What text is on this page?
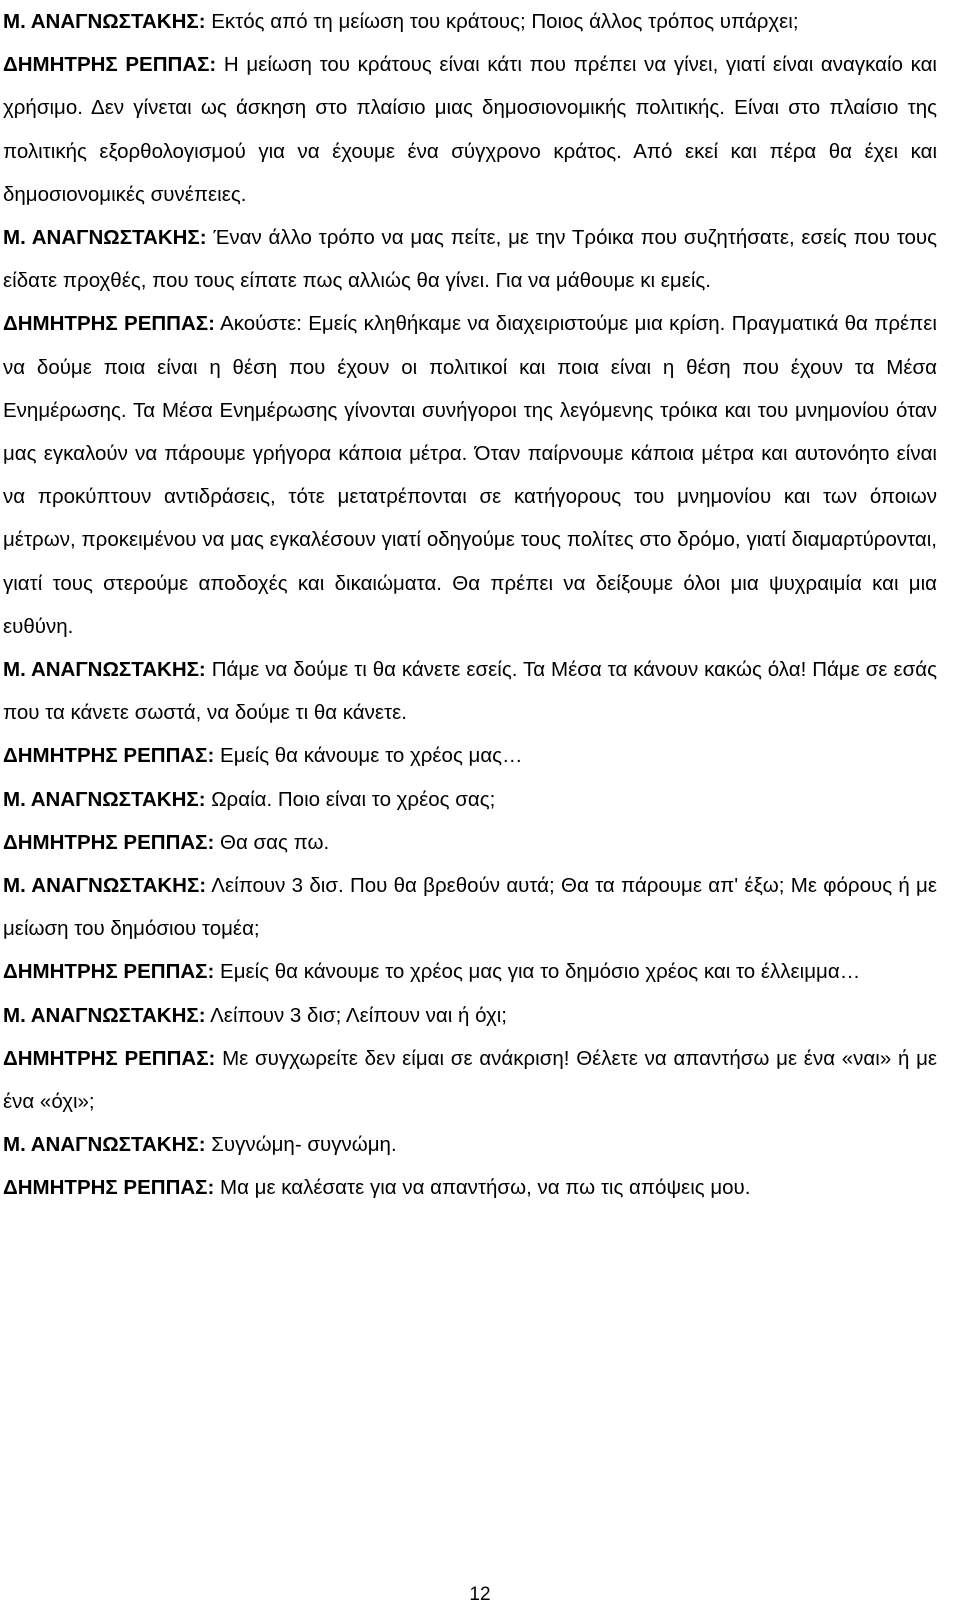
Μ. ΑΝΑΓΝΩΣΤΑΚΗΣ: Εκτός από τη μείωση του κράτους; Ποιος άλλος τρόπος υπάρχει;

ΔΗΜΗΤΡΗΣ ΡΕΠΠΑΣ: Η μείωση του κράτους είναι κάτι που πρέπει να γίνει, γιατί είναι αναγκαίο και χρήσιμο. Δεν γίνεται ως άσκηση στο πλαίσιο μιας δημοσιονομικής πολιτικής. Είναι στο πλαίσιο της πολιτικής εξορθολογισμού για να έχουμε ένα σύγχρονο κράτος. Από εκεί και πέρα θα έχει και δημοσιονομικές συνέπειες.

Μ. ΑΝΑΓΝΩΣΤΑΚΗΣ: Έναν άλλο τρόπο να μας πείτε, με την Τρόικα που συζητήσατε, εσείς που τους είδατε προχθές, που τους είπατε πως αλλιώς θα γίνει. Για να μάθουμε κι εμείς.

ΔΗΜΗΤΡΗΣ ΡΕΠΠΑΣ: Ακούστε: Εμείς κληθήκαμε να διαχειριστούμε μια κρίση. Πραγματικά θα πρέπει να δούμε ποια είναι η θέση που έχουν οι πολιτικοί και ποια είναι η θέση που έχουν τα Μέσα Ενημέρωσης. Τα Μέσα Ενημέρωσης γίνονται συνήγοροι της λεγόμενης τρόικα και του μνημονίου όταν μας εγκαλούν να πάρουμε γρήγορα κάποια μέτρα. Όταν παίρνουμε κάποια μέτρα και αυτονόητο είναι να προκύπτουν αντιδράσεις, τότε μετατρέπονται σε κατήγορους του μνημονίου και των όποιων μέτρων, προκειμένου να μας εγκαλέσουν γιατί οδηγούμε τους πολίτες στο δρόμο, γιατί διαμαρτύρονται, γιατί τους στερούμε αποδοχές και δικαιώματα. Θα πρέπει να δείξουμε όλοι μια ψυχραιμία και μια ευθύνη.

Μ. ΑΝΑΓΝΩΣΤΑΚΗΣ: Πάμε να δούμε τι θα κάνετε εσείς. Τα Μέσα τα κάνουν κακώς όλα! Πάμε σε εσάς που τα κάνετε σωστά, να δούμε τι θα κάνετε.

ΔΗΜΗΤΡΗΣ ΡΕΠΠΑΣ: Εμείς θα κάνουμε το χρέος μας…

Μ. ΑΝΑΓΝΩΣΤΑΚΗΣ: Ωραία. Ποιο είναι το χρέος σας;

ΔΗΜΗΤΡΗΣ ΡΕΠΠΑΣ: Θα σας πω.

Μ. ΑΝΑΓΝΩΣΤΑΚΗΣ: Λείπουν 3 δισ. Που θα βρεθούν αυτά; Θα τα πάρουμε απ' έξω; Με φόρους ή με μείωση του δημόσιου τομέα;

ΔΗΜΗΤΡΗΣ ΡΕΠΠΑΣ: Εμείς θα κάνουμε το χρέος μας για το δημόσιο χρέος και το έλλειμμα…

Μ. ΑΝΑΓΝΩΣΤΑΚΗΣ: Λείπουν 3 δισ; Λείπουν ναι ή όχι;

ΔΗΜΗΤΡΗΣ ΡΕΠΠΑΣ: Με συγχωρείτε δεν είμαι σε ανάκριση! Θέλετε να απαντήσω με ένα «ναι» ή με ένα «όχι»;

Μ. ΑΝΑΓΝΩΣΤΑΚΗΣ: Συγνώμη- συγνώμη.

ΔΗΜΗΤΡΗΣ ΡΕΠΠΑΣ: Μα με καλέσατε για να απαντήσω, να πω τις απόψεις μου.

12
